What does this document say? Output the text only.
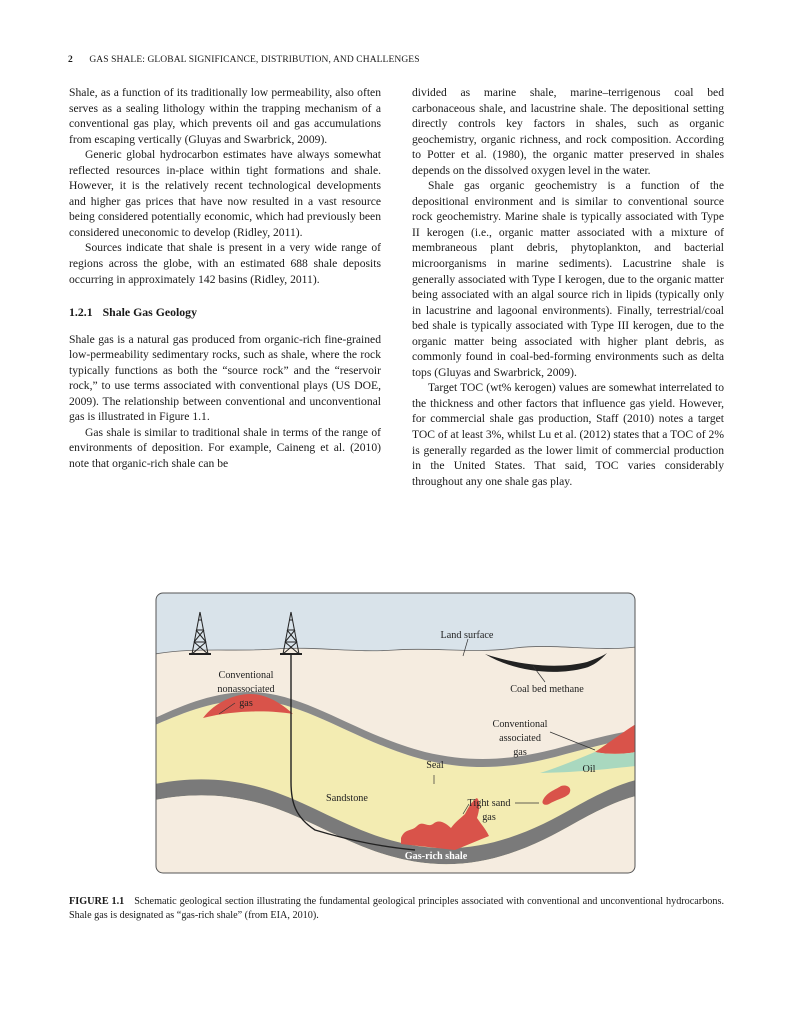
2 GAS SHALE: GLOBAL SIGNIFICANCE, DISTRIBUTION, AND CHALLENGES

Shale, as a function of its traditionally low permeability, also often serves as a sealing lithology within the trapping mechanism of a conventional gas play, which prevents oil and gas accumulations from escaping vertically (Gluyas and Swarbrick, 2009).

Generic global hydrocarbon estimates have always somewhat reflected resources in-place within tight formations and shale. However, it is the relatively recent technological developments and higher gas prices that have now resulted in a vast resource being considered potentially economic, which had previously been considered uneconomic to develop (Ridley, 2011).

Sources indicate that shale is present in a very wide range of regions across the globe, with an estimated 688 shale deposits occurring in approximately 142 basins (Ridley, 2011).

1.2.1 Shale Gas Geology

Shale gas is a natural gas produced from organic-rich fine-grained low-permeability sedimentary rocks, such as shale, where the rock typically functions as both the “source rock” and the “reservoir rock,” to use terms associated with conventional plays (US DOE, 2009). The relationship between conventional and unconventional gas is illustrated in Figure 1.1.

Gas shale is similar to traditional shale in terms of the range of environments of deposition. For example, Caineng et al. (2010) note that organic-rich shale can be

divided as marine shale, marine–terrigenous coal bed carbonaceous shale, and lacustrine shale. The depositional setting directly controls key factors in shales, such as organic geochemistry, organic richness, and rock composition. According to Potter et al. (1980), the organic matter preserved in shales depends on the dissolved oxygen level in the water.

Shale gas organic geochemistry is a function of the depositional environment and is similar to conventional source rock geochemistry. Marine shale is typically associated with Type II kerogen (i.e., organic matter associated with a mixture of membraneous plant debris, phytoplankton, and bacterial microorganisms in marine sediments). Lacustrine shale is generally associated with Type I kerogen, due to the organic matter being associated with an algal source rich in lipids (typically only in lacustrine and lagoonal environments). Finally, terrestrial/coal bed shale is typically associated with Type III kerogen, due to the organic matter being associated with higher plant debris, as commonly found in coal-bed-forming environments such as delta tops (Gluyas and Swarbrick, 2009).

Target TOC (wt% kerogen) values are somewhat interrelated to the thickness and other factors that influence gas yield. However, for commercial shale gas production, Staff (2010) notes a target TOC of at least 3%, whilst Lu et al. (2012) states that a TOC of 2% is generally regarded as the lower limit of commercial production in the United States. That said, TOC varies considerably throughout any one shale gas play.

Land surface
Coal bed methane
Conventional
nonassociated
gas
Conventional
associated
gas
Seal	Oil
Sandstone	Tight sand
gas
Gas-rich shale
FIGURE 1.1 Schematic geological section illustrating the fundamental geological principles associated with conventional and unconventional hydrocarbons. Shale gas is designated as “gas-rich shale” (from EIA, 2010).
